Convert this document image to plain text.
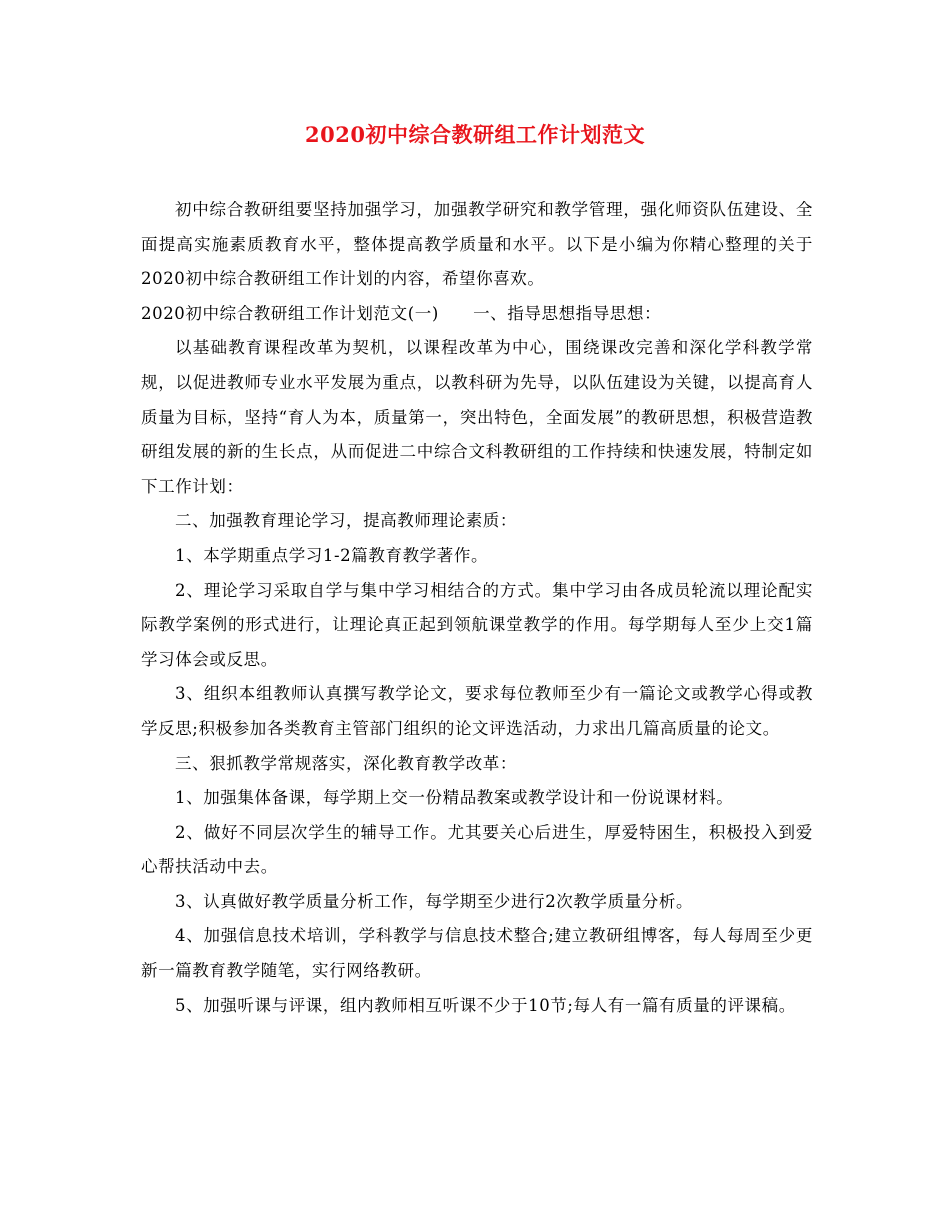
2020初中综合教研组工作计划范文

初中综合教研组要坚持加强学习，加强教学研究和教学管理，强化师资队伍建设、全面提高实施素质教育水平，整体提高教学质量和水平。以下是小编为你精心整理的关于2020初中综合教研组工作计划的内容，希望你喜欢。

2020初中综合教研组工作计划范文(一)　　一、指导思想指导思想：

以基础教育课程改革为契机，以课程改革为中心，围绕课改完善和深化学科教学常规，以促进教师专业水平发展为重点，以教科研为先导，以队伍建设为关键，以提高育人质量为目标，坚持“育人为本，质量第一，突出特色，全面发展”的教研思想，积极营造教研组发展的新的生长点，从而促进二中综合文科教研组的工作持续和快速发展，特制定如下工作计划：

二、加强教育理论学习，提高教师理论素质：

1、本学期重点学习1-2篇教育教学著作。

2、理论学习采取自学与集中学习相结合的方式。集中学习由各成员轮流以理论配实际教学案例的形式进行，让理论真正起到领航课堂教学的作用。每学期每人至少上交1篇学习体会或反思。

3、组织本组教师认真撰写教学论文，要求每位教师至少有一篇论文或教学心得或教学反思;积极参加各类教育主管部门组织的论文评选活动，力求出几篇高质量的论文。

三、狠抓教学常规落实，深化教育教学改革：

1、加强集体备课，每学期上交一份精品教案或教学设计和一份说课材料。

2、做好不同层次学生的辅导工作。尤其要关心后进生，厚爱特困生，积极投入到爱心帮扶活动中去。

3、认真做好教学质量分析工作，每学期至少进行2次教学质量分析。

4、加强信息技术培训，学科教学与信息技术整合;建立教研组博客，每人每周至少更新一篇教育教学随笔，实行网络教研。

5、加强听课与评课，组内教师相互听课不少于10节;每人有一篇有质量的评课稿。
